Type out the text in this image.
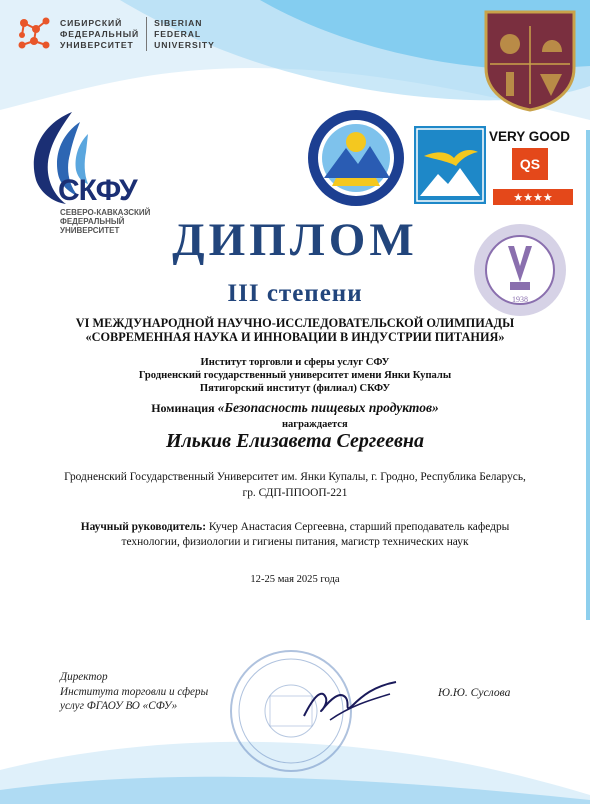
СИБИРСКИЙ
ФЕДЕРАЛЬНЫЙ
УНИВЕРСИТЕТ
SIBERIAN
FEDERAL
UNIVERSITY
СКФУ
СЕВЕРО-КАВКАЗСКИЙ
ФЕДЕРАЛЬНЫЙ
УНИВЕРСИТЕТ
VERY GOOD
QS
★★★★
1938
ДИПЛОМ
III степени
VI МЕЖДУНАРОДНОЙ НАУЧНО-ИССЛЕДОВАТЕЛЬСКОЙ ОЛИМПИАДЫ
«СОВРЕМЕННАЯ НАУКА И ИННОВАЦИИ В ИНДУСТРИИ ПИТАНИЯ»
Институт торговли и сферы услуг СФУ
Гродненский государственный университет имени Янки Купалы
Пятигорский институт (филиал) СКФУ
Номинация «Безопасность пищевых продуктов»
награждается
Илькив Елизавета Сергеевна
Гродненский Государственный Университет им. Янки Купалы, г. Гродно, Республика Беларусь,
гр. СДП-ППООП-221
Научный руководитель: Кучер Анастасия Сергеевна, старший преподаватель кафедры
технологии, физиологии и гигиены питания, магистр технических наук
12-25 мая 2025 года
Директор
Института торговли и сферы
услуг ФГАОУ ВО «СФУ»
Ю.Ю. Суслова
